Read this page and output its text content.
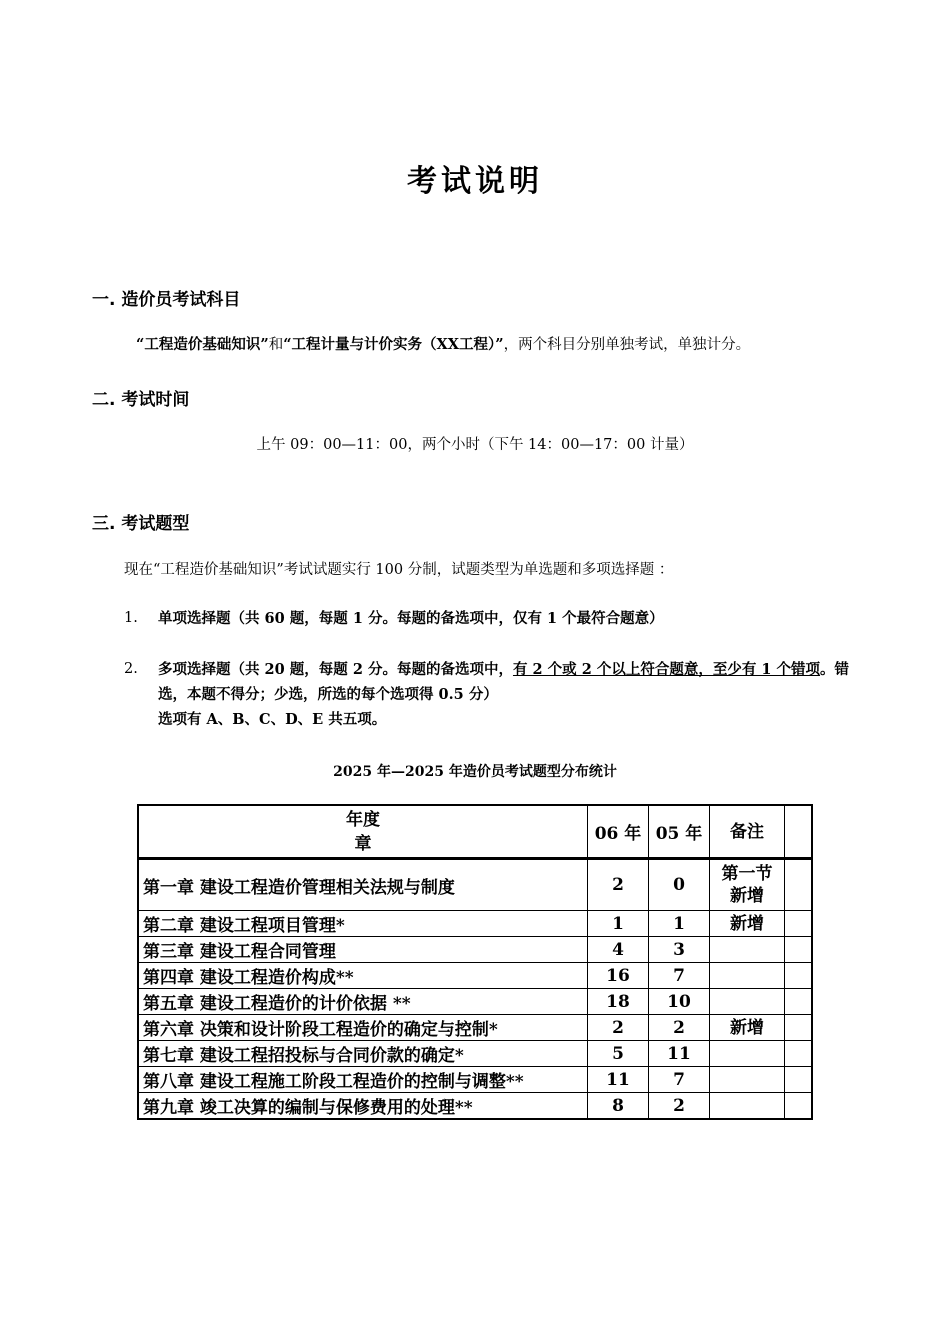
考试说明
一. 造价员考试科目
“工程造价基础知识”和“工程计量与计价实务（XX工程）”，两个科目分别单独考试，单独计分。
二. 考试时间
上午 09：00—11：00，两个小时（下午 14：00—17：00 计量）
三. 考试题型
现在“工程造价基础知识”考试试题实行 100 分制，试题类型为单选题和多项选择题 ：
1. 单项选择题（共 60 题，每题 1 分。每题的备选项中，仅有 1 个最符合题意）
2. 多项选择题（共 20 题，每题 2 分。每题的备选项中，有 2 个或 2 个以上符合题意，至少有 1 个错项。错选，本题不得分；少选，所选的每个选项得 0.5 分）
选项有 A、B、C、D、E 共五项。
2025 年—2025 年造价员考试题型分布统计
年度
章	06 年	05 年	备注	
第一章 建设工程造价管理相关法规与制度	2	0	第一节
新增	
第二章 建设工程项目管理*	1	1	新增	
第三章 建设工程合同管理	4	3		
第四章 建设工程造价构成**	16	7		
第五章 建设工程造价的计价依据 **	18	10		
第六章 决策和设计阶段工程造价的确定与控制*	2	2	新增	
第七章 建设工程招投标与合同价款的确定*	5	11		
第八章 建设工程施工阶段工程造价的控制与调整**	11	7		
第九章 竣工决算的编制与保修费用的处理**	8	2		
